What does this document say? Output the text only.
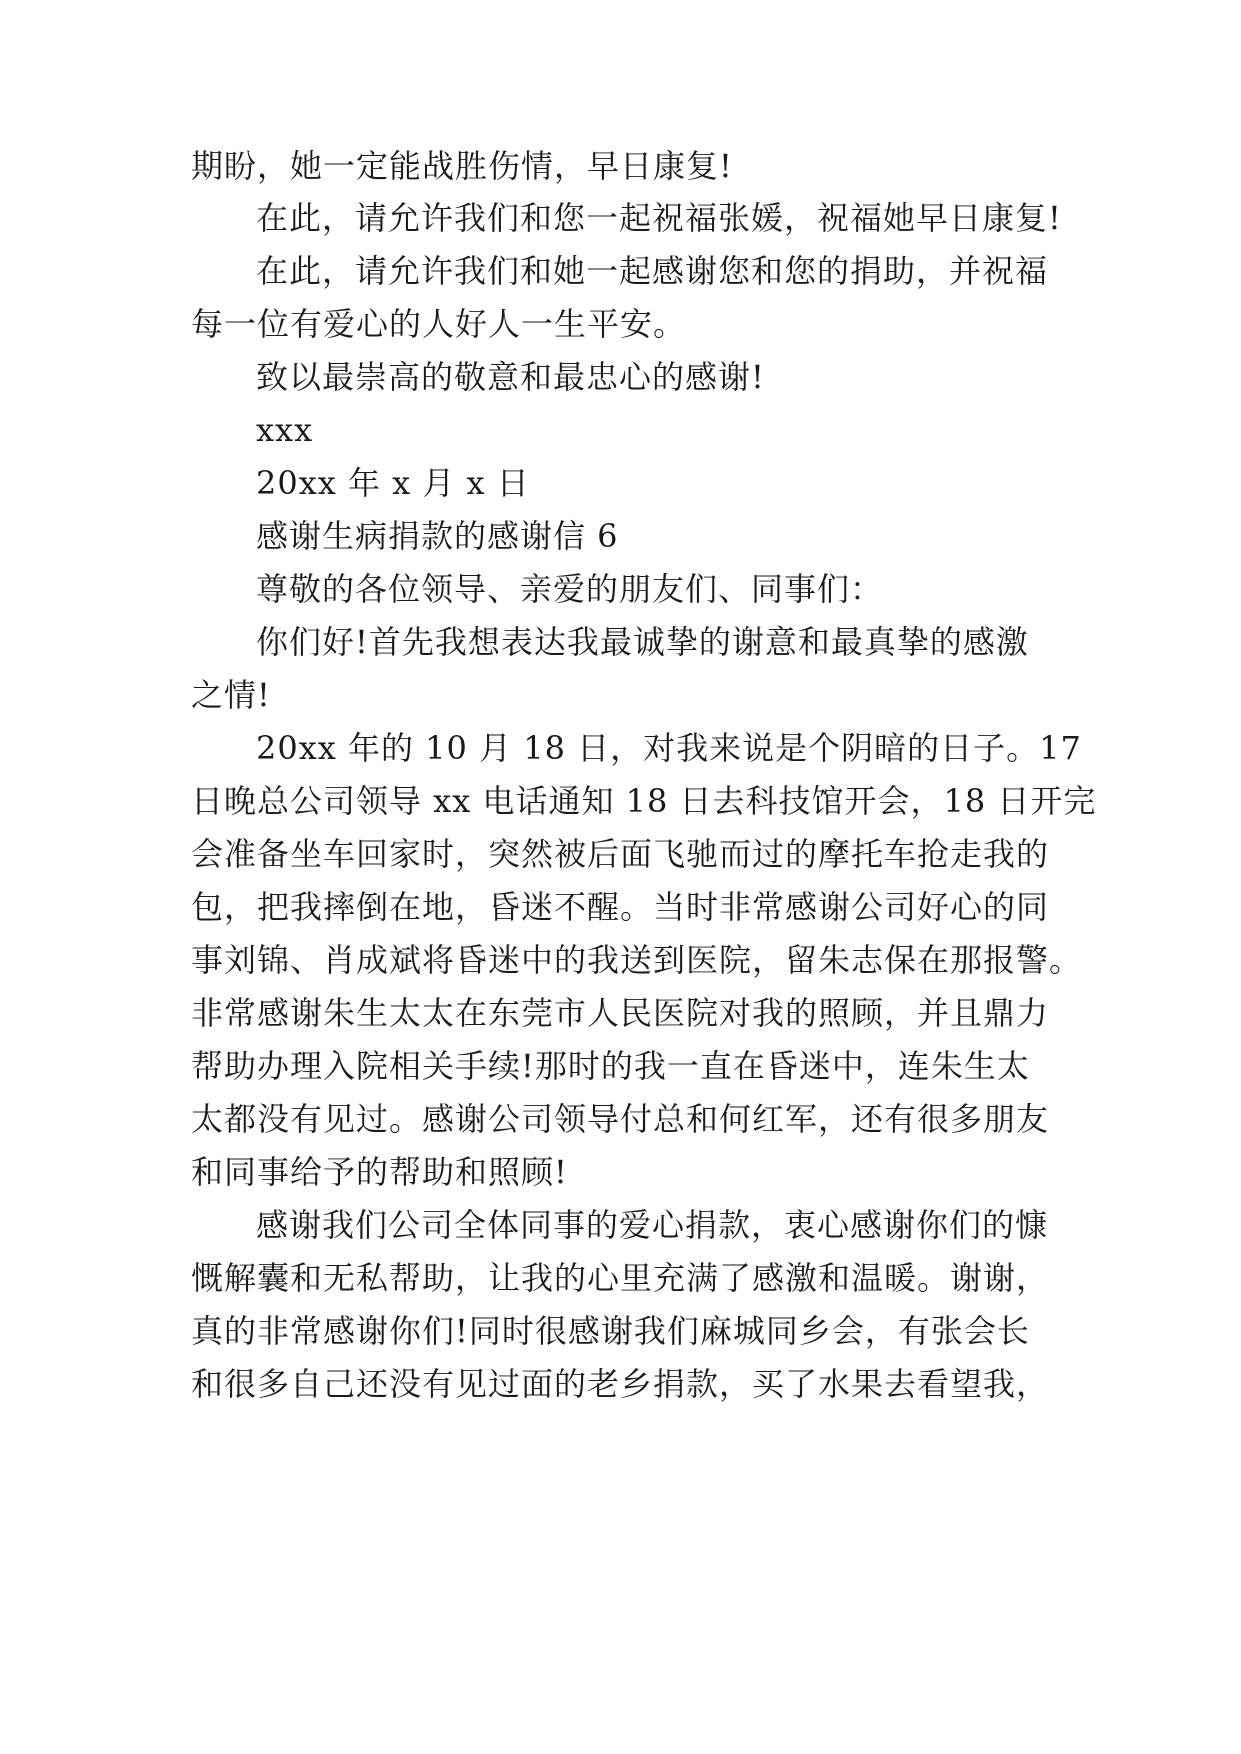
期盼，她一定能战胜伤情，早日康复!
在此，请允许我们和您一起祝福张媛，祝福她早日康复!
在此，请允许我们和她一起感谢您和您的捐助，并祝福
每一位有爱心的人好人一生平安。
致以最崇高的敬意和最忠心的感谢!
xxx
20xx 年 x 月 x 日
感谢生病捐款的感谢信 6
尊敬的各位领导、亲爱的朋友们、同事们：
你们好!首先我想表达我最诚挚的谢意和最真挚的感激
之情!
20xx 年的 10 月 18 日，对我来说是个阴暗的日子。17
日晚总公司领导 xx 电话通知 18 日去科技馆开会，18 日开完
会准备坐车回家时，突然被后面飞驰而过的摩托车抢走我的
包，把我摔倒在地，昏迷不醒。当时非常感谢公司好心的同
事刘锦、肖成斌将昏迷中的我送到医院，留朱志保在那报警。
非常感谢朱生太太在东莞市人民医院对我的照顾，并且鼎力
帮助办理入院相关手续!那时的我一直在昏迷中，连朱生太
太都没有见过。感谢公司领导付总和何红军，还有很多朋友
和同事给予的帮助和照顾!
感谢我们公司全体同事的爱心捐款，衷心感谢你们的慷
慨解囊和无私帮助，让我的心里充满了感激和温暖。谢谢，
真的非常感谢你们!同时很感谢我们麻城同乡会，有张会长
和很多自己还没有见过面的老乡捐款，买了水果去看望我，
